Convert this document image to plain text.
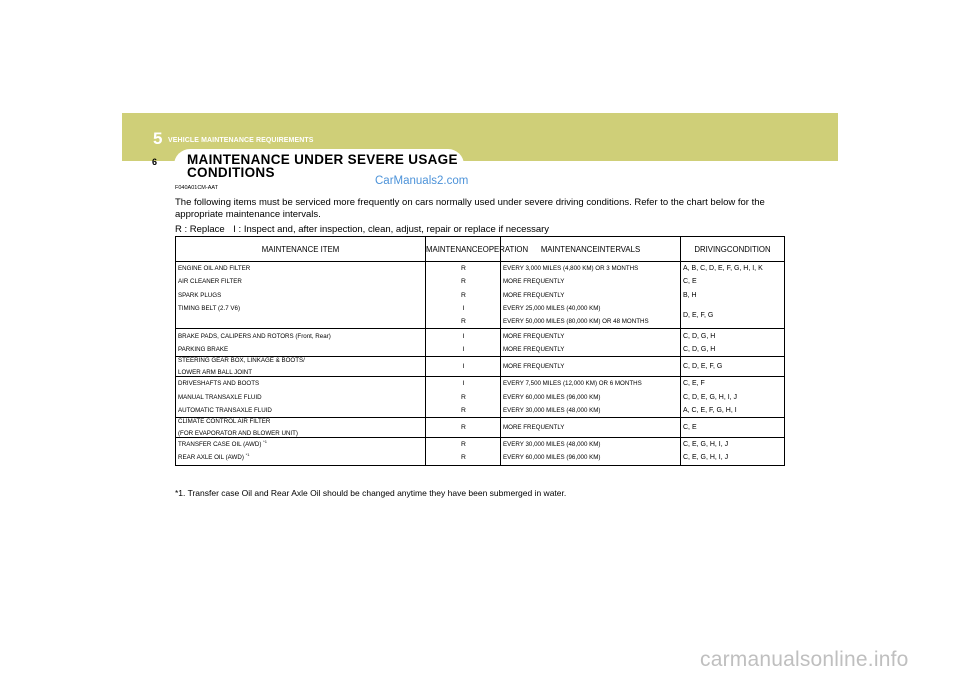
5 VEHICLE MAINTENANCE REQUIREMENTS
6 MAINTENANCE UNDER SEVERE USAGE CONDITIONS
CarManuals2.com
F040A01CM-AAT
The following items must be serviced more frequently on cars normally used under severe driving conditions. Refer to the chart below for the appropriate maintenance intervals.
R : Replace I : Inspect and, after inspection, clean, adjust, repair or replace if necessary
MAINTENANCE ITEM	MAINTENANCEOPERATION	MAINTENANCEINTERVALS	DRIVINGCONDITION
ENGINE OIL AND FILTER	R	EVERY 3,000 MILES (4,800 KM) OR 3 MONTHS	A, B, C, D, E, F, G, H, I, K
AIR CLEANER FILTER	R	MORE FREQUENTLY	C, E
SPARK PLUGS	R	MORE FREQUENTLY	B, H
TIMING BELT (2.7 V6)	I	EVERY 25,000 MILES (40,000 KM)	D, E, F, G
	R	EVERY 50,000 MILES (80,000 KM) OR 48 MONTHS	
BRAKE PADS, CALIPERS AND ROTORS (Front, Rear)	I	MORE FREQUENTLY	C, D, G, H
PARKING BRAKE	I	MORE FREQUENTLY	C, D, G, H

STEERING GEAR BOX, LINKAGE & BOOTS/
LOWER ARM BALL JOINT	I	MORE FREQUENTLY	C, D, E, F, G
DRIVESHAFTS AND BOOTS	I	EVERY 7,500 MILES (12,000 KM) OR 6 MONTHS	C, E, F
MANUAL TRANSAXLE FLUID	R	EVERY 60,000 MILES (96,000 KM)	C, D, E, G, H, I, J
AUTOMATIC TRANSAXLE FLUID	R	EVERY 30,000 MILES (48,000 KM)	A, C, E, F, G, H, I

CLIMATE CONTROL AIR FILTER
(FOR EVAPORATOR AND BLOWER UNIT)	R	MORE FREQUENTLY	C, E
TRANSFER CASE OIL (AWD) $^{*1}$	R	EVERY 30,000 MILES (48,000 KM)	C, E, G, H, I, J
REAR AXLE OIL (AWD) $^{*1}$	R	EVERY 60,000 MILES (96,000 KM)	C, E, G, H, I, J
*1. Transfer case Oil and Rear Axle Oil should be changed anytime they have been submerged in water.
carmanualsonline.info
